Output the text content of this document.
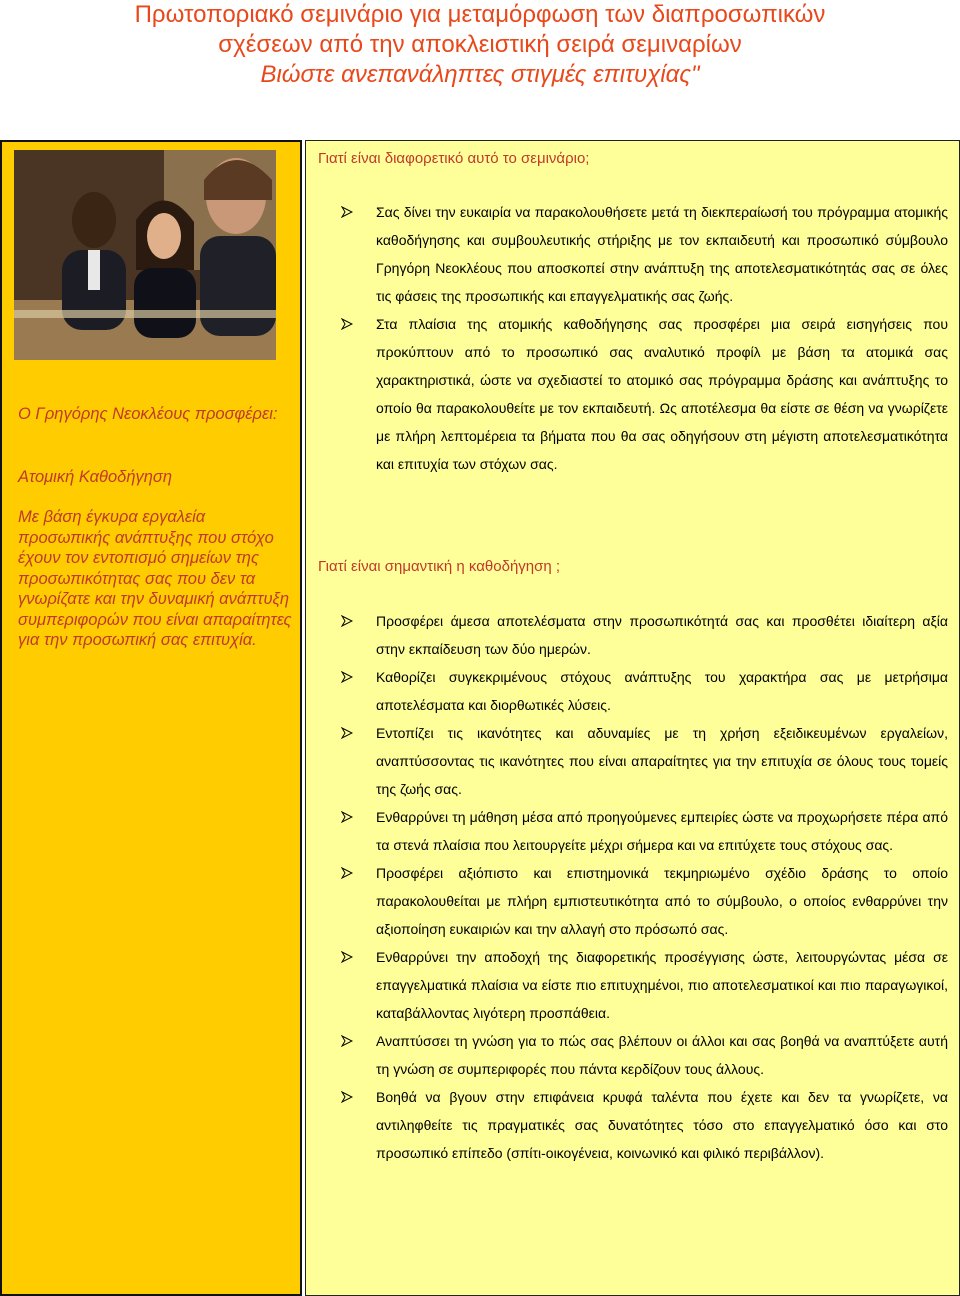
Πρωτοποριακό σεμινάριο για μεταμόρφωση των διαπροσωπικών
σχέσεων από την αποκλειστική σειρά σεμιναρίων
Βιώστε ανεπανάληπτες στιγμές επιτυχίας"

Ο Γρηγόρης Νεοκλέους προσφέρει:

Ατομική Καθοδήγηση

Με βάση έγκυρα εργαλεία προσωπικής ανάπτυξης που στόχο έχουν τον εντοπισμό σημείων της προσωπικότητας σας που δεν τα γνωρίζατε και την δυναμική ανάπτυξη συμπεριφορών που είναι απαραίτητες για την προσωπική σας επιτυχία.

Γιατί είναι διαφορετικό αυτό το σεμινάριο;
Σας δίνει την ευκαιρία να παρακολουθήσετε μετά τη διεκπεραίωσή του πρόγραμμα ατομικής καθοδήγησης και συμβουλευτικής στήριξης με τον εκπαιδευτή και προσωπικό σύμβουλο Γρηγόρη Νεοκλέους που αποσκοπεί στην ανάπτυξη της αποτελεσματικότητάς σας σε όλες τις φάσεις της προσωπικής και επαγγελματικής σας ζωής.
Στα πλαίσια της ατομικής καθοδήγησης σας προσφέρει μια σειρά εισηγήσεις που προκύπτουν από το προσωπικό σας αναλυτικό προφίλ με βάση τα ατομικά σας χαρακτηριστικά, ώστε να σχεδιαστεί το ατομικό σας πρόγραμμα δράσης και ανάπτυξης το οποίο θα παρακολουθείτε με τον εκπαιδευτή. Ως αποτέλεσμα θα είστε σε θέση να γνωρίζετε με πλήρη λεπτομέρεια τα βήματα που θα σας οδηγήσουν στη μέγιστη αποτελεσματικότητα και επιτυχία των στόχων σας.
Γιατί είναι σημαντική η καθοδήγηση ;
Προσφέρει άμεσα αποτελέσματα στην προσωπικότητά σας και προσθέτει ιδιαίτερη αξία στην εκπαίδευση των δύο ημερών.
Καθορίζει συγκεκριμένους στόχους ανάπτυξης του χαρακτήρα σας με μετρήσιμα αποτελέσματα και διορθωτικές λύσεις.
Εντοπίζει τις ικανότητες και αδυναμίες με τη χρήση εξειδικευμένων εργαλείων, αναπτύσσοντας τις ικανότητες που είναι απαραίτητες για την επιτυχία σε όλους τους τομείς της ζωής σας.
Ενθαρρύνει τη μάθηση μέσα από προηγούμενες εμπειρίες ώστε να προχωρήσετε πέρα από τα στενά πλαίσια που λειτουργείτε μέχρι σήμερα και να επιτύχετε τους στόχους σας.
Προσφέρει αξιόπιστο και επιστημονικά τεκμηριωμένο σχέδιο δράσης το οποίο παρακολουθείται με πλήρη εμπιστευτικότητα από το σύμβουλο, ο οποίος ενθαρρύνει την αξιοποίηση ευκαιριών και την αλλαγή στο πρόσωπό σας.
Ενθαρρύνει την αποδοχή της διαφορετικής προσέγγισης ώστε, λειτουργώντας μέσα σε επαγγελματικά πλαίσια να είστε πιο επιτυχημένοι, πιο αποτελεσματικοί και πιο παραγωγικοί, καταβάλλοντας λιγότερη προσπάθεια.
Αναπτύσσει τη γνώση για το πώς σας βλέπουν οι άλλοι και σας βοηθά να αναπτύξετε αυτή τη γνώση σε συμπεριφορές που πάντα κερδίζουν τους άλλους.
Βοηθά να βγουν στην επιφάνεια κρυφά ταλέντα που έχετε και δεν τα γνωρίζετε, να αντιληφθείτε τις πραγματικές σας δυνατότητες τόσο στο επαγγελματικό όσο και στο προσωπικό επίπεδο (σπίτι-οικογένεια, κοινωνικό και φιλικό περιβάλλον).
